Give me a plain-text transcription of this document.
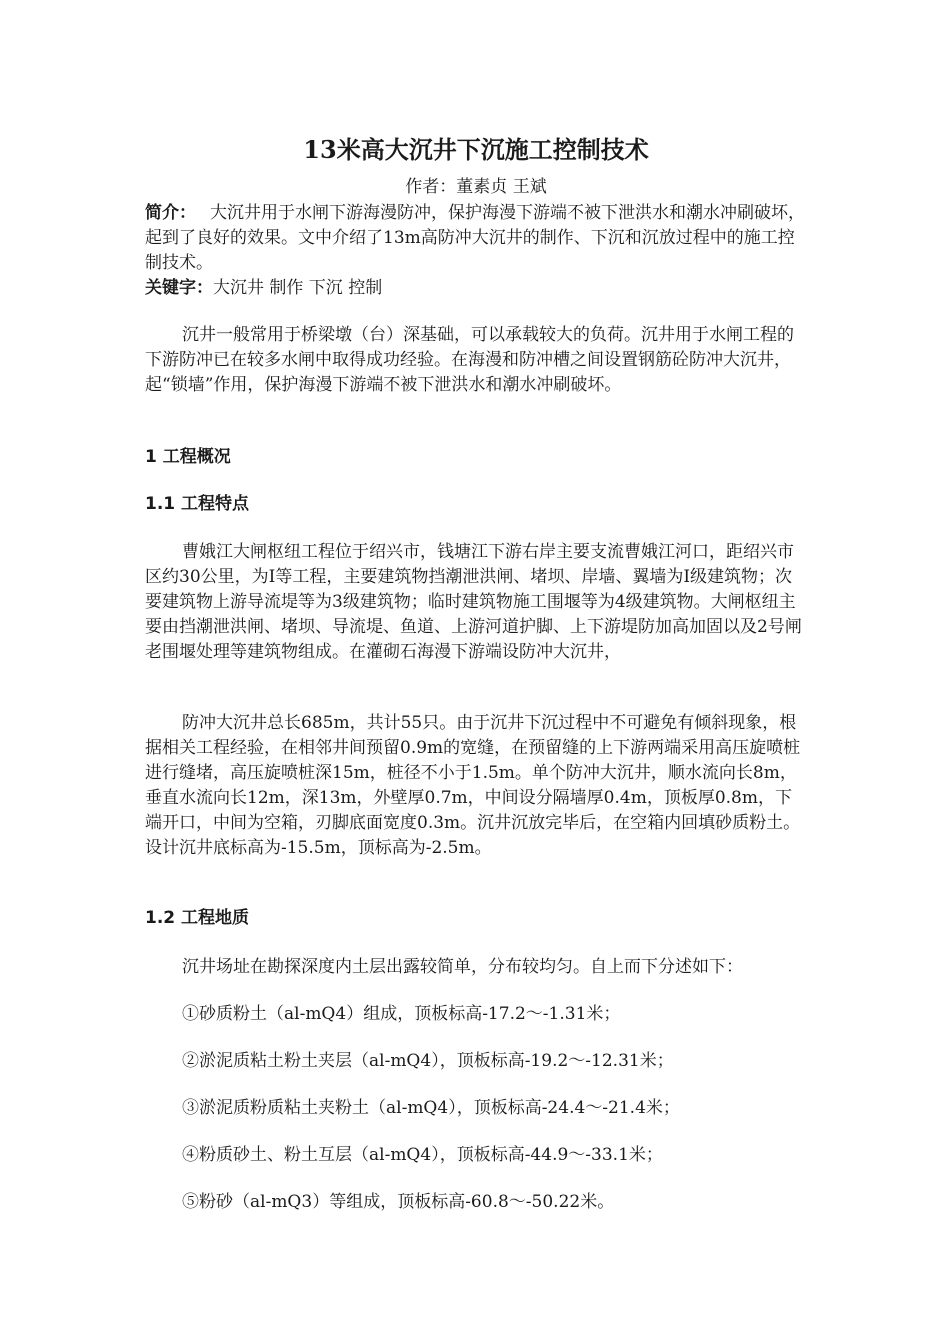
13米高大沉井下沉施工控制技术
作者：董素贞 王斌
简介： 大沉井用于水闸下游海漫防冲，保护海漫下游端不被下泄洪水和潮水冲刷破坏，起到了良好的效果。文中介绍了13m高防冲大沉井的制作、下沉和沉放过程中的施工控制技术。
关键字：大沉井 制作 下沉 控制
沉井一般常用于桥梁墩（台）深基础，可以承载较大的负荷。沉井用于水闸工程的下游防冲已在较多水闸中取得成功经验。在海漫和防冲槽之间设置钢筋砼防冲大沉井，起“锁墙”作用，保护海漫下游端不被下泄洪水和潮水冲刷破坏。
1 工程概况
1.1 工程特点
曹娥江大闸枢纽工程位于绍兴市，钱塘江下游右岸主要支流曹娥江河口，距绍兴市区约30公里，为Ⅰ等工程，主要建筑物挡潮泄洪闸、堵坝、岸墙、翼墙为Ⅰ级建筑物；次要建筑物上游导流堤等为3级建筑物；临时建筑物施工围堰等为4级建筑物。大闸枢纽主要由挡潮泄洪闸、堵坝、导流堤、鱼道、上游河道护脚、上下游堤防加高加固以及2号闸老围堰处理等建筑物组成。在灌砌石海漫下游端设防冲大沉井，
防冲大沉井总长685m，共计55只。由于沉井下沉过程中不可避免有倾斜现象，根据相关工程经验，在相邻井间预留0.9m的宽缝，在预留缝的上下游两端采用高压旋喷桩进行缝堵，高压旋喷桩深15m，桩径不小于1.5m。单个防冲大沉井，顺水流向长8m，垂直水流向长12m，深13m，外壁厚0.7m，中间设分隔墙厚0.4m，顶板厚0.8m，下端开口，中间为空箱，刃脚底面宽度0.3m。沉井沉放完毕后，在空箱内回填砂质粉土。设计沉井底标高为-15.5m，顶标高为-2.5m。
1.2 工程地质
沉井场址在勘探深度内土层出露较简单，分布较均匀。自上而下分述如下：
①砂质粉土（al-mQ4）组成，顶板标高-17.2～-1.31米；
②淤泥质粘土粉土夹层（al-mQ4），顶板标高-19.2～-12.31米；
③淤泥质粉质粘土夹粉土（al-mQ4），顶板标高-24.4～-21.4米；
④粉质砂土、粉土互层（al-mQ4），顶板标高-44.9～-33.1米；
⑤粉砂（al-mQ3）等组成，顶板标高-60.8～-50.22米。
